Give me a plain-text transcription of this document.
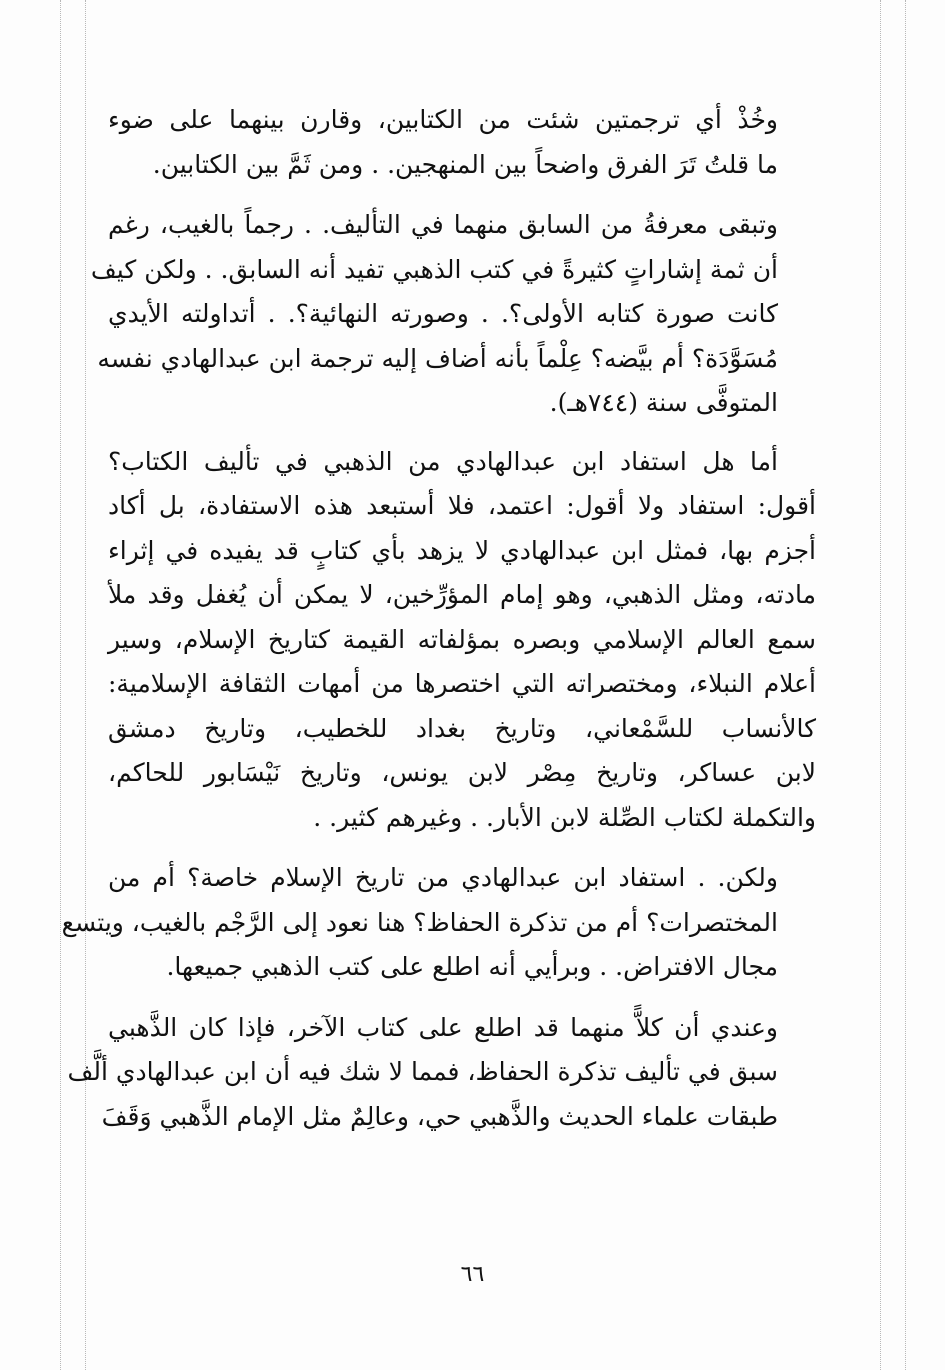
وخُذْ أي ترجمتين شئت من الكتابين، وقارن بينهما على ضوء
ما قلتُ تَرَ الفرق واضحاً بين المنهجين. . ومن ثَمَّ بين الكتابين.

وتبقى معرفةُ من السابق منهما في التأليف. . رجماً بالغيب، رغم
أن ثمة إشاراتٍ كثيرةً في كتب الذهبي تفيد أنه السابق. . ولكن كيف
كانت صورة كتابه الأولى؟. . وصورته النهائية؟. . أتداولته الأيدي
مُسَوَّدَة؟ أم بيَّضه؟ عِلْماً بأنه أضاف إليه ترجمة ابن عبدالهادي نفسه
المتوفَّى سنة (٧٤٤هـ).

أما هل استفاد ابن عبدالهادي من الذهبي في تأليف الكتاب؟
أقول: استفاد ولا أقول: اعتمد، فلا أستبعد هذه الاستفادة، بل أكاد
أجزم بها، فمثل ابن عبدالهادي لا يزهد بأي كتابٍ قد يفيده في إثراء
مادته، ومثل الذهبي، وهو إمام المؤرِّخين، لا يمكن أن يُغفل وقد ملأ
سمع العالم الإسلامي وبصره بمؤلفاته القيمة كتاريخ الإسلام، وسير
أعلام النبلاء، ومختصراته التي اختصرها من أمهات الثقافة الإسلامية:
كالأنساب للسَّمْعاني، وتاريخ بغداد للخطيب، وتاريخ دمشق
لابن عساكر، وتاريخ مِصْر لابن يونس، وتاريخ نَيْسَابور للحاكم،
والتكملة لكتاب الصِّلة لابن الأبار. . وغيرهم كثير. .

ولكن. . استفاد ابن عبدالهادي من تاريخ الإسلام خاصة؟ أم من
المختصرات؟ أم من تذكرة الحفاظ؟ هنا نعود إلى الرَّجْم بالغيب، ويتسع
مجال الافتراض. . وبرأيي أنه اطلع على كتب الذهبي جميعها.

وعندي أن كلاًّ منهما قد اطلع على كتاب الآخر، فإذا كان الذَّهبي
سبق في تأليف تذكرة الحفاظ، فمما لا شك فيه أن ابن عبدالهادي ألَّف
طبقات علماء الحديث والذَّهبي حي، وعالِمٌ مثل الإمام الذَّهبي وَقَفَ

٦٦
